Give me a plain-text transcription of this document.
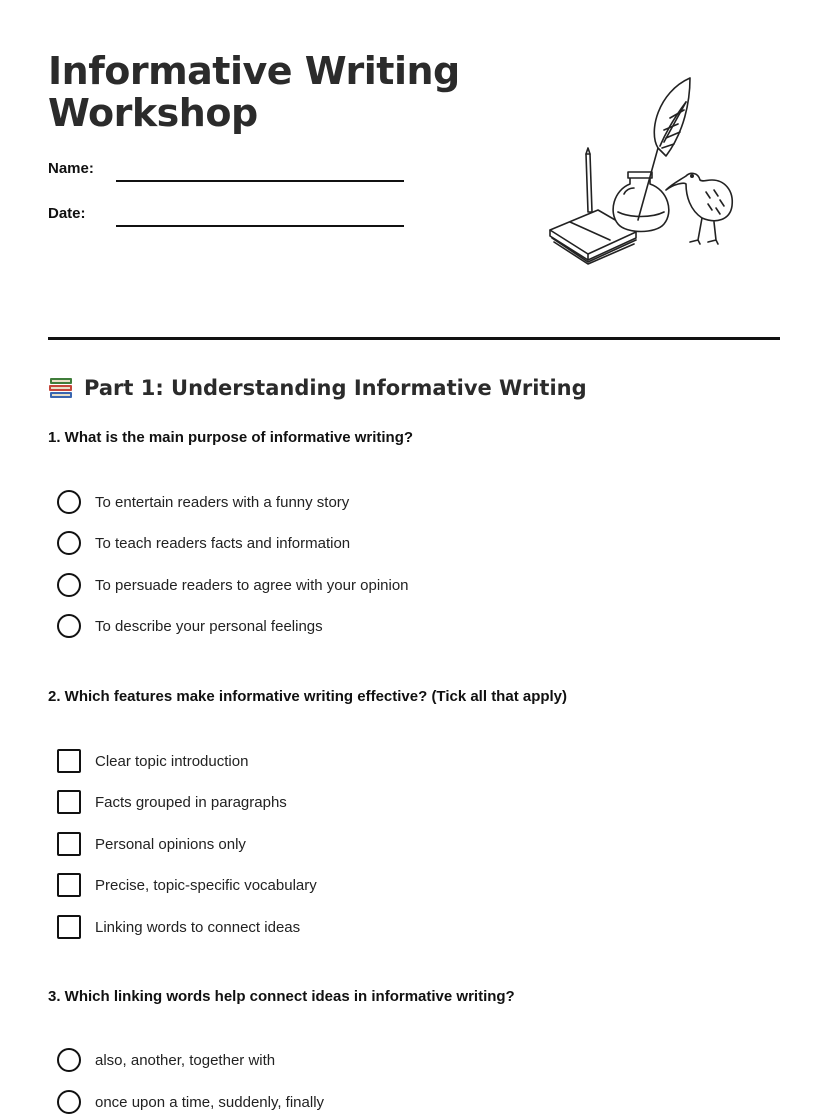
Informative Writing
Workshop
Name:
Date:
Part 1: Understanding Informative Writing
1. What is the main purpose of informative writing?
To entertain readers with a funny story
To teach readers facts and information
To persuade readers to agree with your opinion
To describe your personal feelings
2. Which features make informative writing effective? (Tick all that apply)
Clear topic introduction
Facts grouped in paragraphs
Personal opinions only
Precise, topic-specific vocabulary
Linking words to connect ideas
3. Which linking words help connect ideas in informative writing?
also, another, together with
once upon a time, suddenly, finally
